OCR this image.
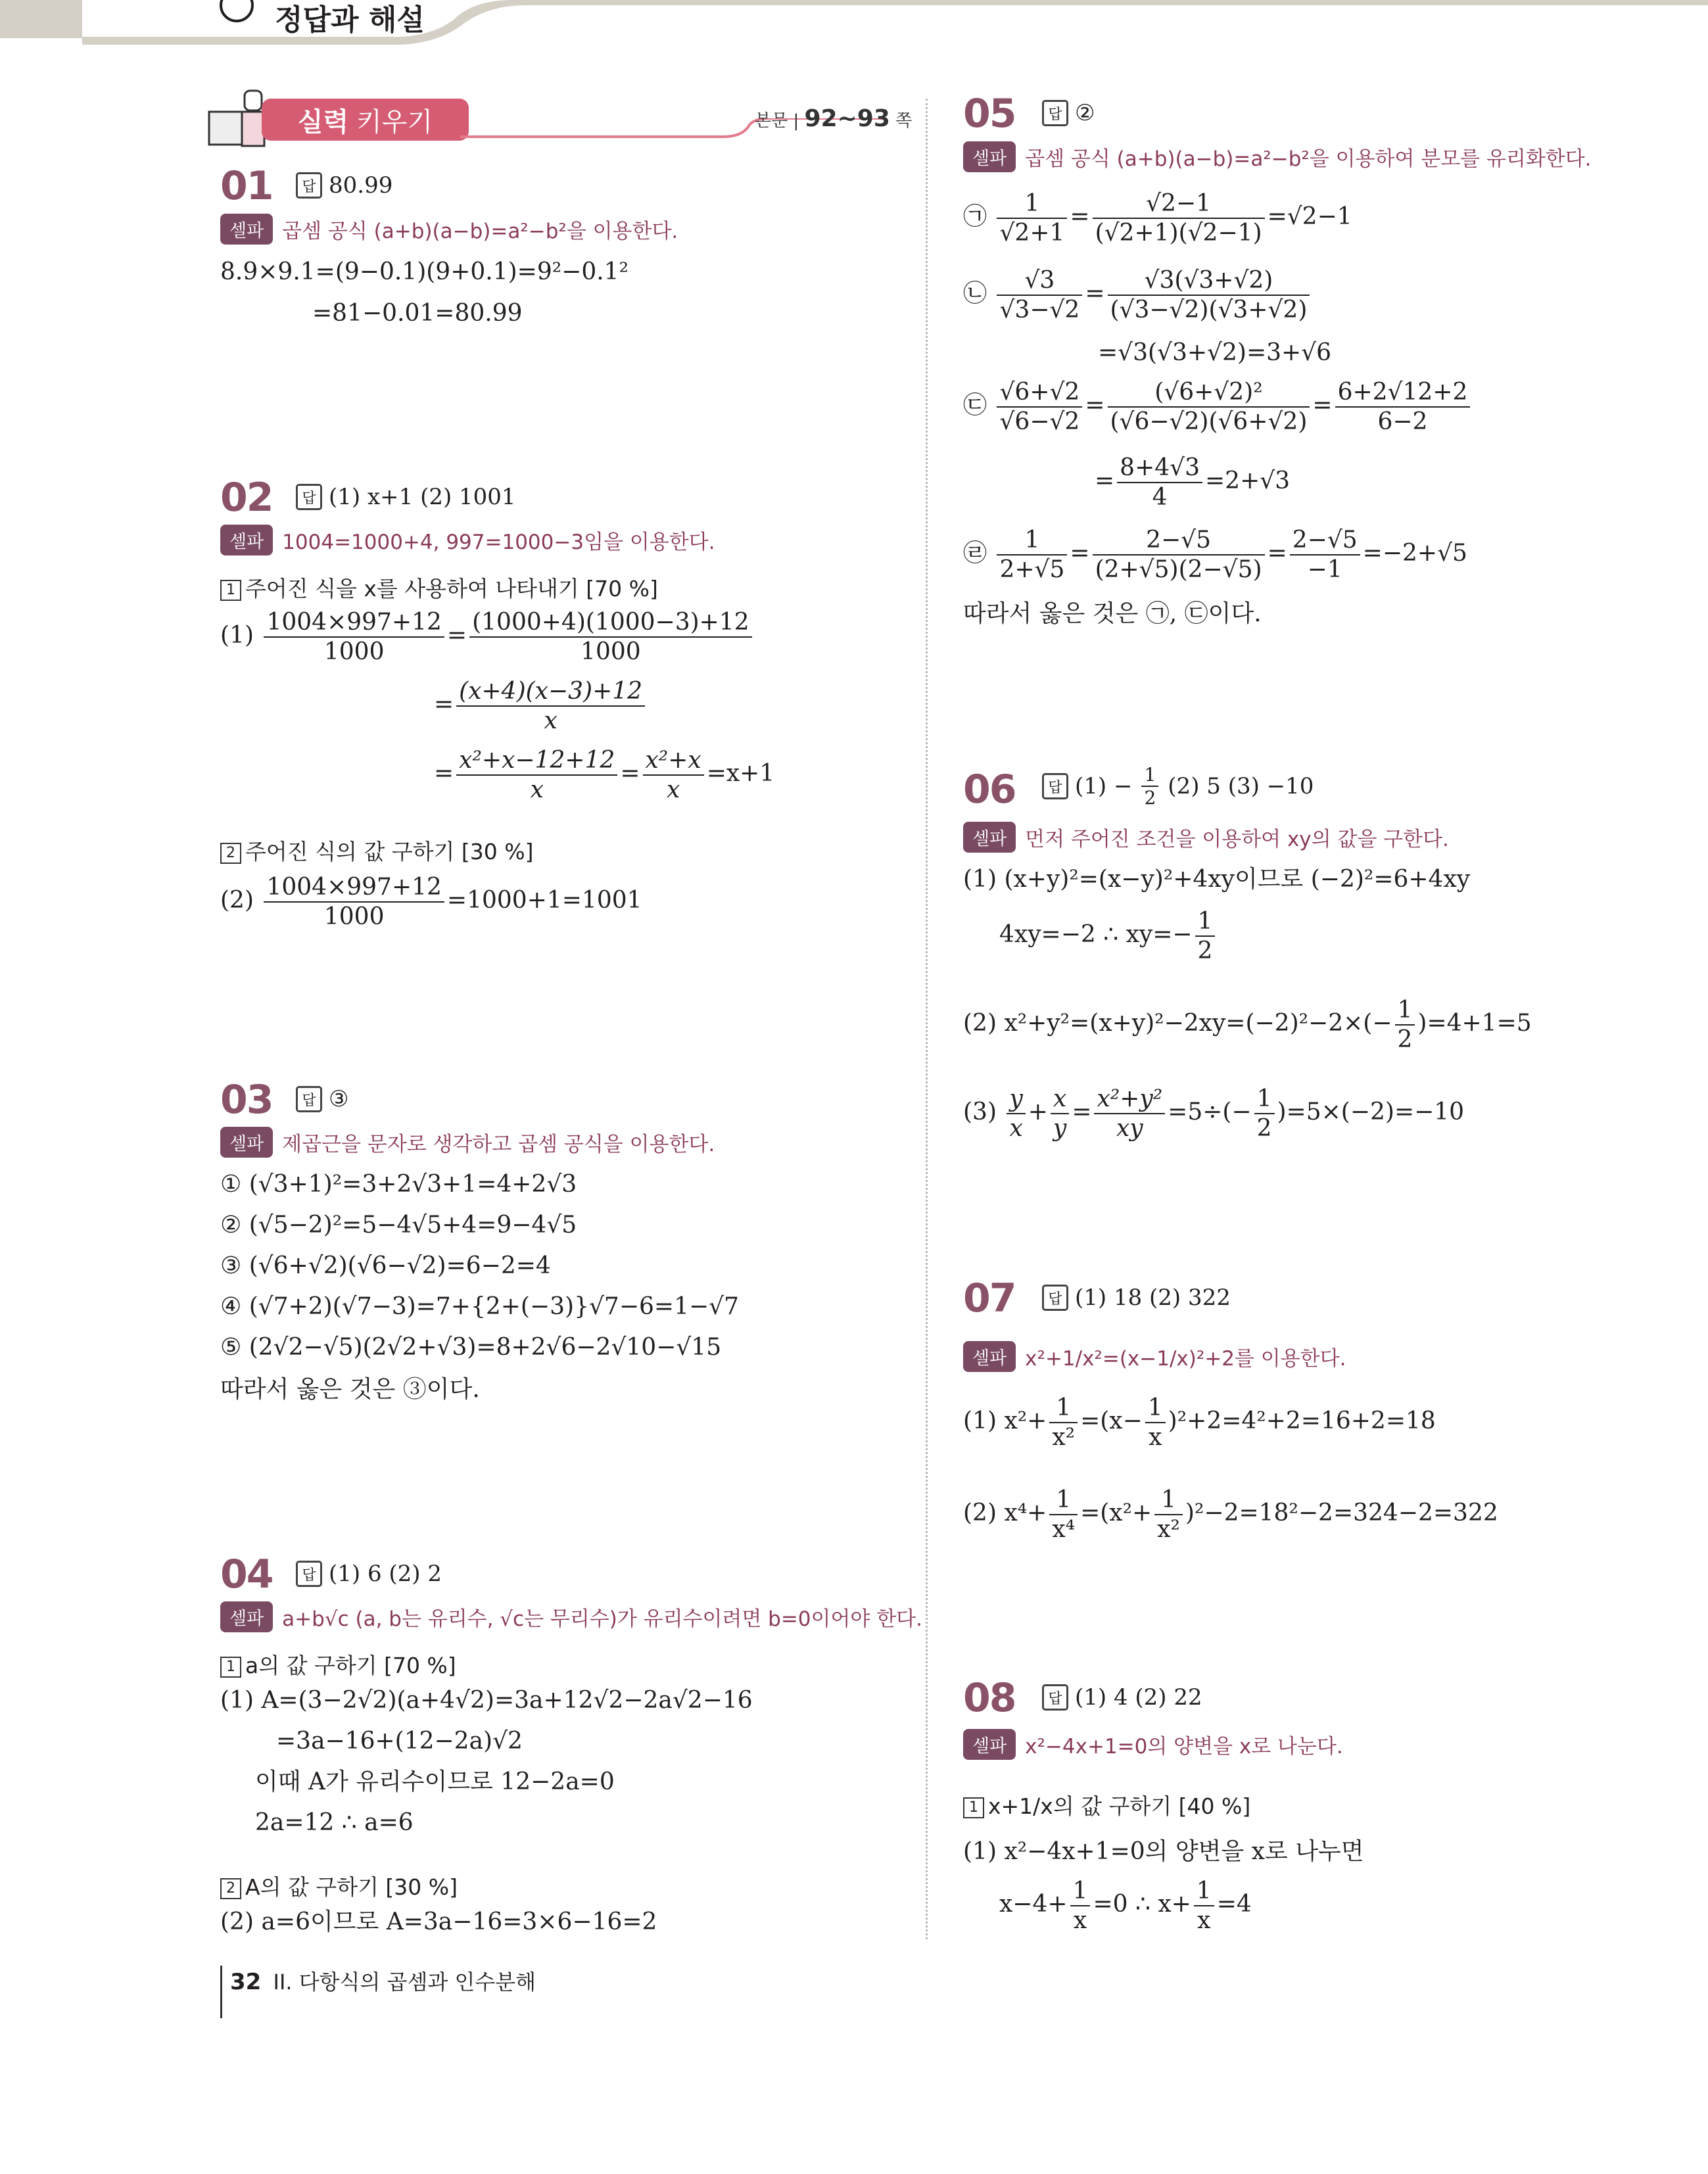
정답과 해설
실력 키우기	본문 | 92~93 쪽
01	답 80.99
셀파 곱셈 공식 (a+b)(a−b)=a²−b²을 이용한다.
8.9×9.1=(9−0.1)(9+0.1)=9²−0.1²
=81−0.01=80.99
02	답 (1) x+1 (2) 1001
셀파 1004=1000+4, 997=1000−3임을 이용한다.
1 주어진 식을 x를 사용하여 나타내기 [70 %]
$(1) \frac{1004\times 997+12}{1000} = \frac{(1000+4)(1000-3)+12}{1000}$
= $\frac{(x+4)(x-3)+12}{x}$
= $\frac{\text{x²+x−12+12}}{x} = \frac{\text{x²+x}}{x} =x+1$
2 주어진 식의 값 구하기 [30 %]
$(2) \frac{1004\times 997+12}{1000} =1000+1=1001$
03	답 ③
셀파 제곱근을 문자로 생각하고 곱셈 공식을 이용한다.
① (√3+1)²=3+2√3+1=4+2√3
② (√5−2)²=5−4√5+4=9−4√5
③ (√6+√2)(√6−√2)=6−2=4
④ (√7+2)(√7−3)=7+{2+(−3)}√7−6=1−√7
⑤ (2√2−√5)(2√2+√3)=8+2√6−2√10−√15
따라서 옳은 것은 ③이다.
04	답 (1) 6 (2) 2
셀파 a+b√c (a, b는 유리수, √c는 무리수)가 유리수이려면 b=0이어야 한다.
1 a의 값 구하기 [70 %]
(1) A=(3−2√2)(a+4√2)=3a+12√2−2a√2−16
=3a−16+(12−2a)√2
이때 A가 유리수이므로 12−2a=0
2a=12 ∴ a=6
2 A의 값 구하기 [30 %]
(2) a=6이므로 A=3a−16=3×6−16=2
32 II. 다항식의 곱셈과 인수분해
05	답 ②
셀파 곱셈 공식 (a+b)(a−b)=a²−b²을 이용하여 분모를 유리화한다.
㉠ $\frac{1}{√2+1} = \frac{√2-1}{(√2+1)(√2-1)} =√2-1$
㉡ $\frac{√3}{√3-√2} = \frac{√3(√3+√2)}{(√3-√2)(√3+√2)}$
=√3(√3+√2)=3+√6
㉢ $\frac{√6+√2}{√6-√2} = \frac{\text{(√6+√2)²}}{(√6-√2)(√6+√2)} = \frac{6+2√12+2}{6-2}$
= $\frac{8+4√3}{4} =2+√3$
㉣ $\frac{1}{2+√5} = \frac{2-√5}{(2+√5)(2-√5)} = \frac{2-√5}{-1} =-2+√5$
따라서 옳은 것은 ㉠, ㉢이다.
06	답 $(1) - \frac{1}{2} (2)$ 5 (3) −10
셀파 먼저 주어진 조건을 이용하여 xy의 값을 구한다.
(1) (x+y)²=(x−y)²+4xy이므로 (−2)²=6+4xy
4xy=−2 ∴ $xy=- \frac{1}{2}$
(2) $x^2+y^2=(x+y)^2-2xy=(-2)^2-2\times(- \frac{1}{2} )=4+1=5$
$(3) \frac{y}{x} + \frac{x}{y} = \frac{\text{x²+y²}}{xy} =5\div(- \frac{1}{2} )=5\times(-2)=-10$
07	답 (1) 18 (2) 322
셀파 x²+1/x²=(x−1/x)²+2를 이용한다.
(1) $x^2+ \frac{1}{\text{x²}} =(x- \frac{1}{x} )^2+2=4^2+2=16+2=18$
(2) $x^4+ \frac{1}{\text{x⁴}} =(x^2+ \frac{1}{\text{x²}} )^2-2=18^2-2=324-2=322$
08	답 (1) 4 (2) 22
셀파 x²−4x+1=0의 양변을 x로 나눈다.
1 x+1/x의 값 구하기 [40 %]
(1) x²−4x+1=0의 양변을 x로 나누면
$x-4+ \frac{1}{x} =0$ ∴ $x+ \frac{1}{x} =4$
